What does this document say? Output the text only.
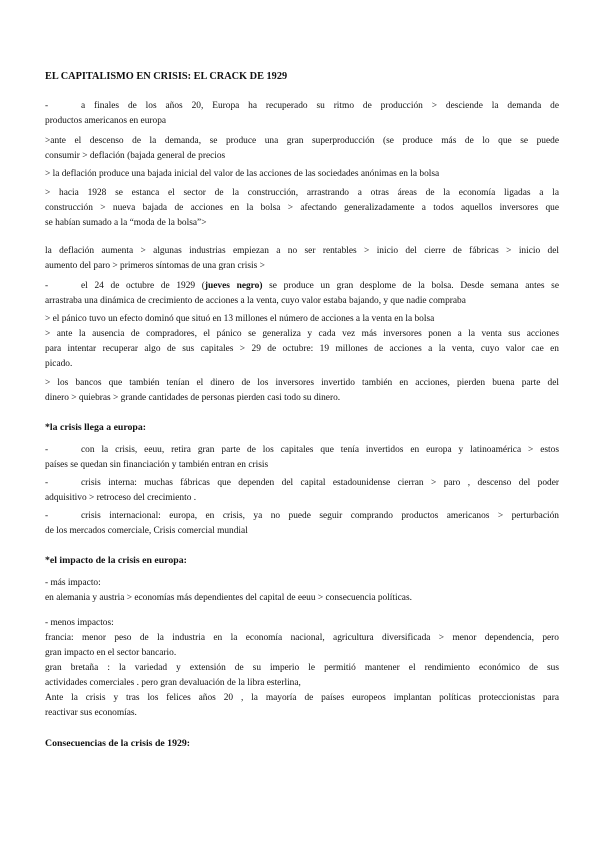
EL CAPITALISMO EN CRISIS: EL CRACK DE 1929
-	a finales de los años 20, Europa ha recuperado su ritmo de producción > desciende la demanda de
productos americanos en europa
>ante el descenso de la demanda, se produce una gran superproducción (se produce más de lo que se puede
consumir > deflación (bajada general de precios
> la deflación produce una bajada inicial del valor de las acciones de las sociedades anónimas en la bolsa
> hacia 1928 se estanca el sector de la construcción, arrastrando a otras áreas de la economía ligadas a la
construcción > nueva bajada de acciones en la bolsa > afectando generalizadamente a todos aquellos inversores que
se habían sumado a la “moda de la bolsa”>
la deflación aumenta > algunas industrias empiezan a no ser rentables > inicio del cierre de fábricas > inicio del
aumento del paro > primeros síntomas de una gran crisis >
-	el 24 de octubre de 1929 (jueves negro) se produce un gran desplome de la bolsa. Desde semana antes se
arrastraba una dinámica de crecimiento de acciones a la venta, cuyo valor estaba bajando, y que nadie compraba
> el pánico tuvo un efecto dominó que situó en 13 millones el número de acciones a la venta en la bolsa
> ante la ausencia de compradores, el pánico se generaliza y cada vez más inversores ponen a la venta sus acciones
para intentar recuperar algo de sus capitales > 29 de octubre: 19 millones de acciones a la venta, cuyo valor cae en
picado.
> los bancos que también tenían el dinero de los inversores invertido también en acciones, pierden buena parte del
dinero > quiebras > grande cantidades de personas pierden casi todo su dinero.
*la crisis llega a europa:
-	con la crisis, eeuu, retira gran parte de los capitales que tenía invertidos en europa y latinoamérica > estos
países se quedan sin financiación y también entran en crisis
-	crisis interna: muchas fábricas que dependen del capital estadounidense cierran > paro , descenso del poder
adquisitivo > retroceso del crecimiento .
-	crisis internacional: europa, en crisis, ya no puede seguir comprando productos americanos > perturbación
de los mercados comerciale, Crisis comercial mundial
*el impacto de la crisis en europa:
- más impacto:
en alemania y austria > economías más dependientes del capital de eeuu > consecuencia políticas.
- menos impactos:
francia: menor peso de la industria en la economía nacional, agricultura diversificada > menor dependencia, pero
gran impacto en el sector bancario.
gran bretaña : la variedad y extensión de su imperio le permitió mantener el rendimiento económico de sus
actividades comerciales . pero gran devaluación de la libra esterlina,
Ante la crisis y tras los felices años 20 , la mayoría de países europeos implantan políticas proteccionistas para
reactivar sus economías.
Consecuencias de la crisis de 1929:
